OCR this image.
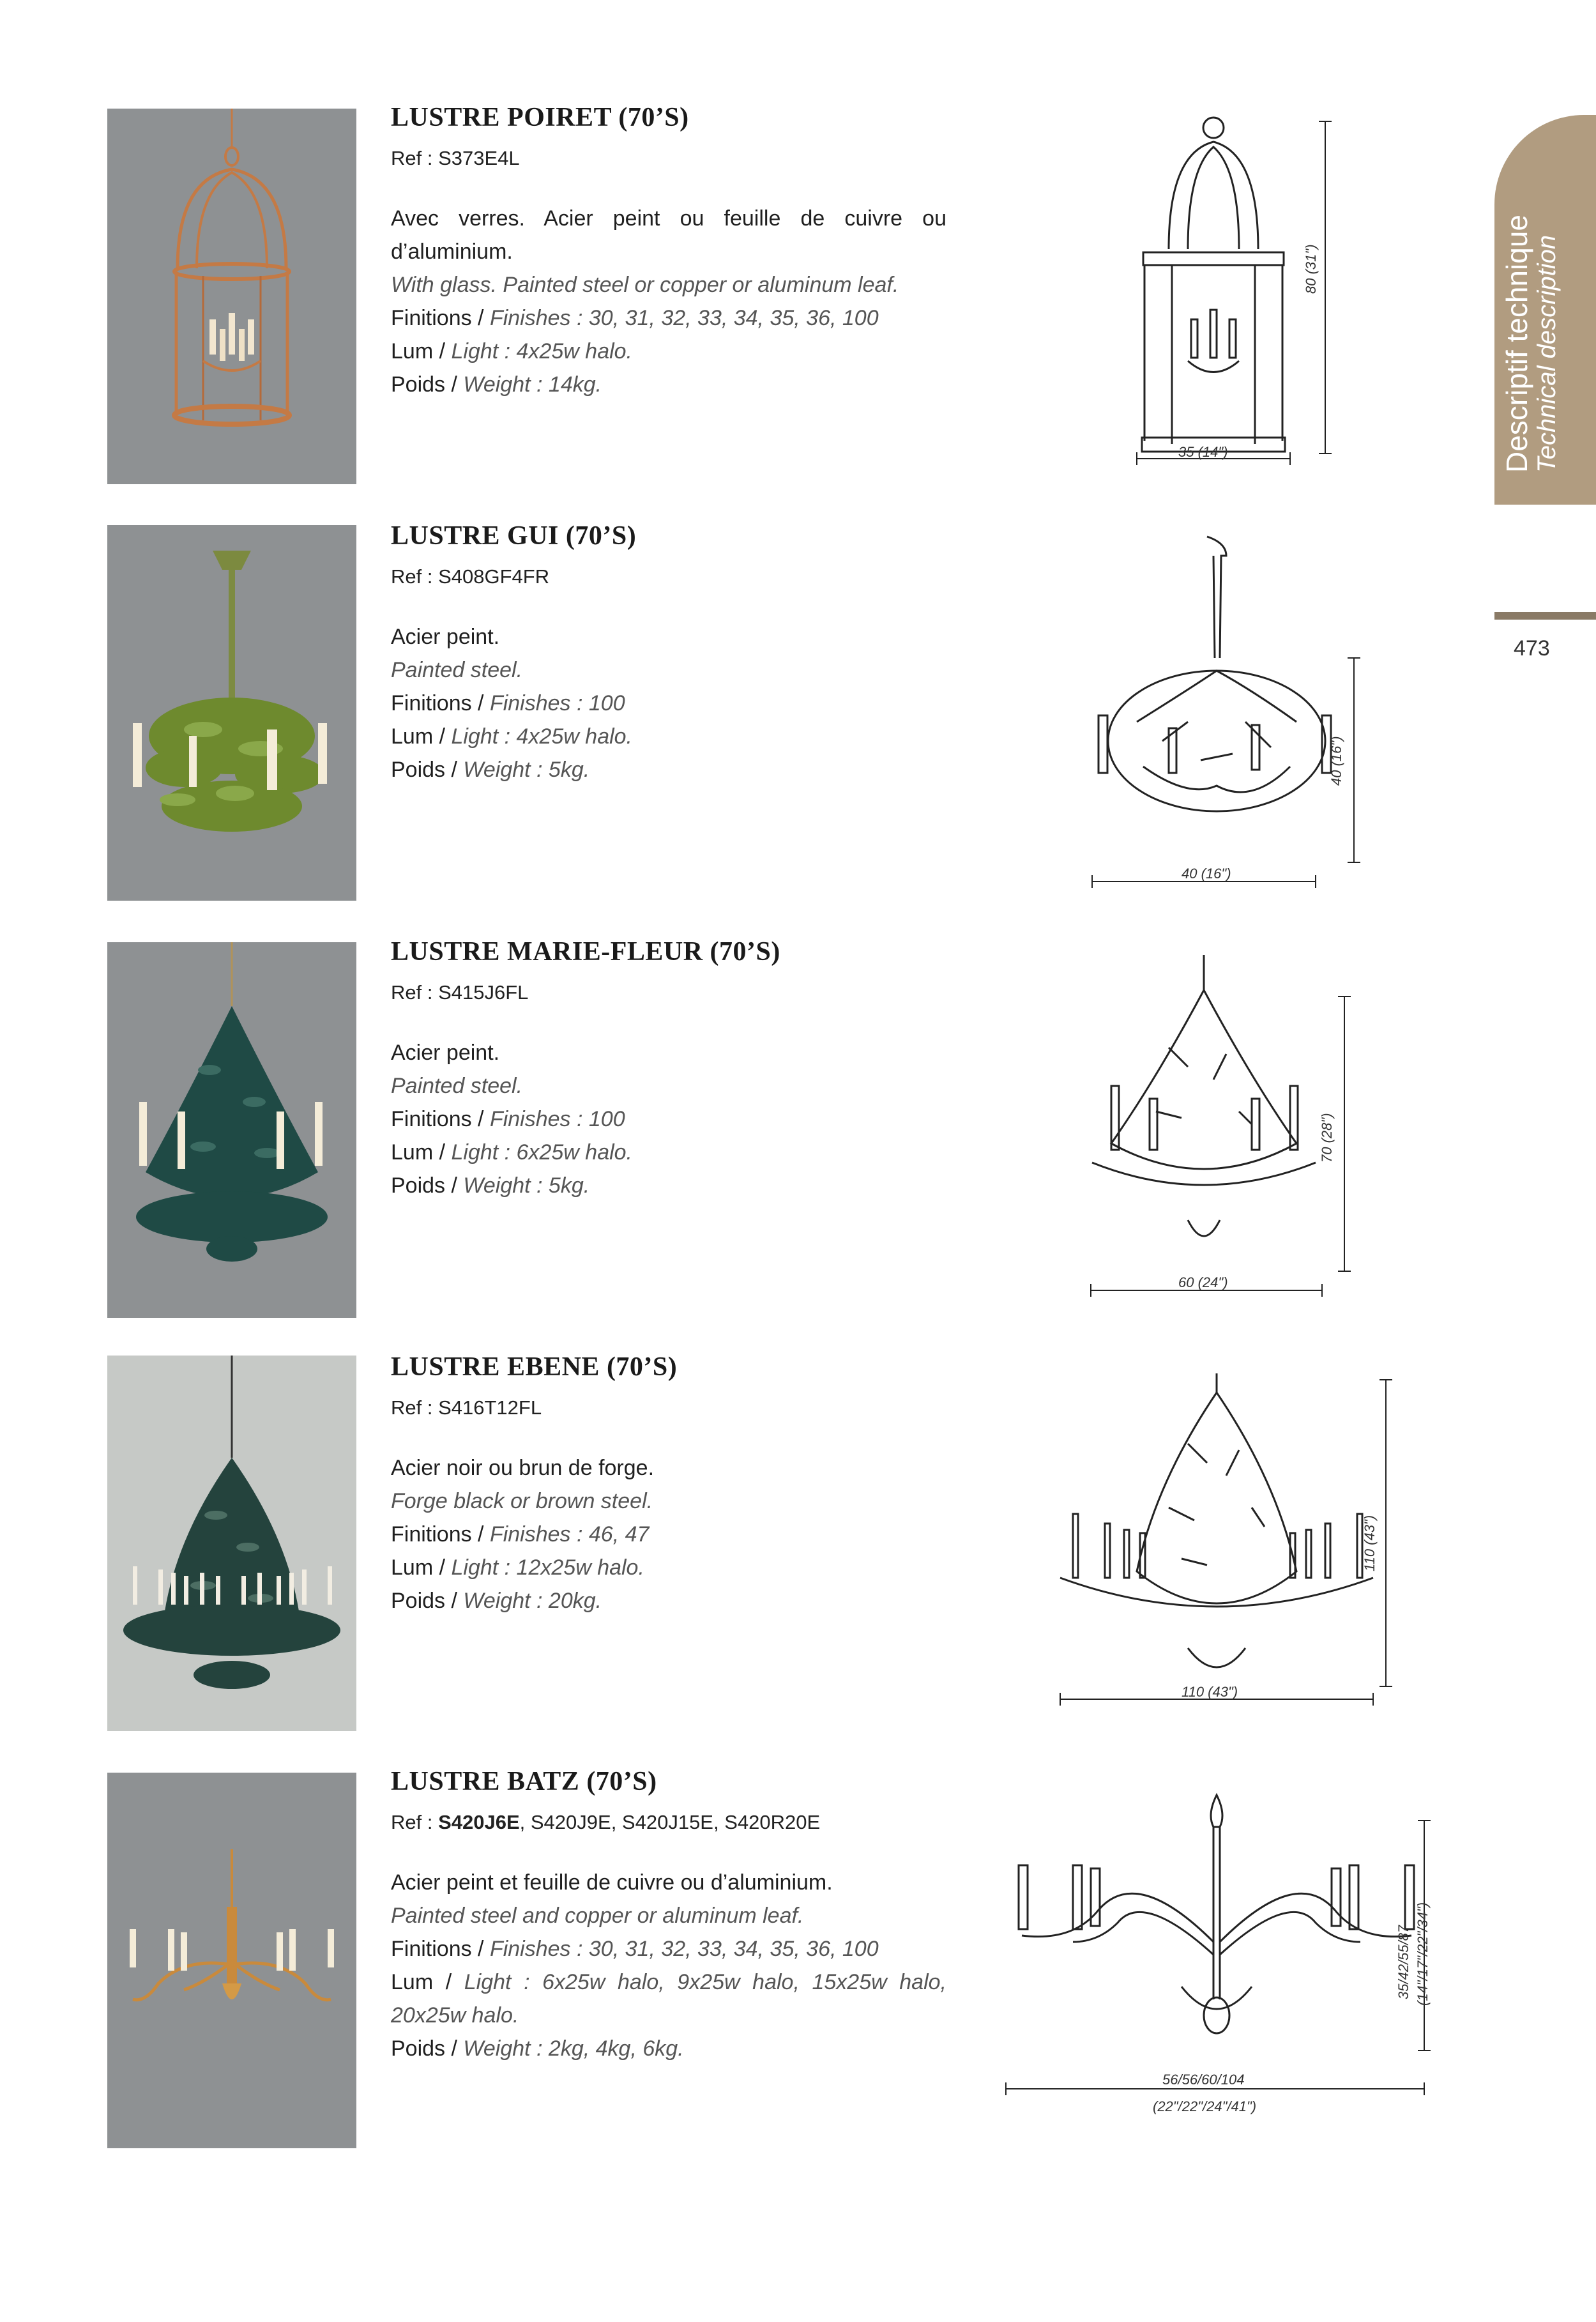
Descriptif technique Technical description
473
LUSTRE POIRET (70’S)
Ref : S373E4L
Avec verres. Acier peint ou feuille de cuivre ou d’aluminium.
With glass. Painted steel or copper or aluminum leaf.
Finitions / Finishes : 30, 31, 32, 33, 34, 35, 36, 100
Lum / Light : 4x25w halo.
Poids / Weight : 14kg.
80 (31")
35 (14")
LUSTRE GUI (70’S)
Ref : S408GF4FR
Acier peint.
Painted steel.
Finitions / Finishes : 100
Lum / Light : 4x25w halo.
Poids / Weight : 5kg.	40 (16")
40 (16")
LUSTRE MARIE-FLEUR (70’S)
Ref : S415J6FL
Acier peint.
Painted steel.
Finitions / Finishes : 100
Lum / Light : 6x25w halo.
Poids / Weight : 5kg.
70 (28")
60 (24")
LUSTRE EBENE (70’S)
Ref : S416T12FL
Acier noir ou brun de forge.
Forge black or brown steel.
Finitions / Finishes : 46, 47
Lum / Light : 12x25w halo.
Poids / Weight : 20kg.
110 (43")
110 (43")
LUSTRE BATZ (70’S)
Ref : S420J6E, S420J9E, S420J15E, S420R20E
Acier peint et feuille de cuivre ou d’aluminium.
Painted steel and copper or aluminum leaf.
Finitions / Finishes : 30, 31, 32, 33, 34, 35, 36, 100
Lum / Light : 6x25w halo, 9x25w halo, 15x25w halo, 20x25w halo.
Poids / Weight : 2kg, 4kg, 6kg.
35/42/55/87 (14"/17"/22"/34")
56/56/60/104
(22"/22"/24"/41")
